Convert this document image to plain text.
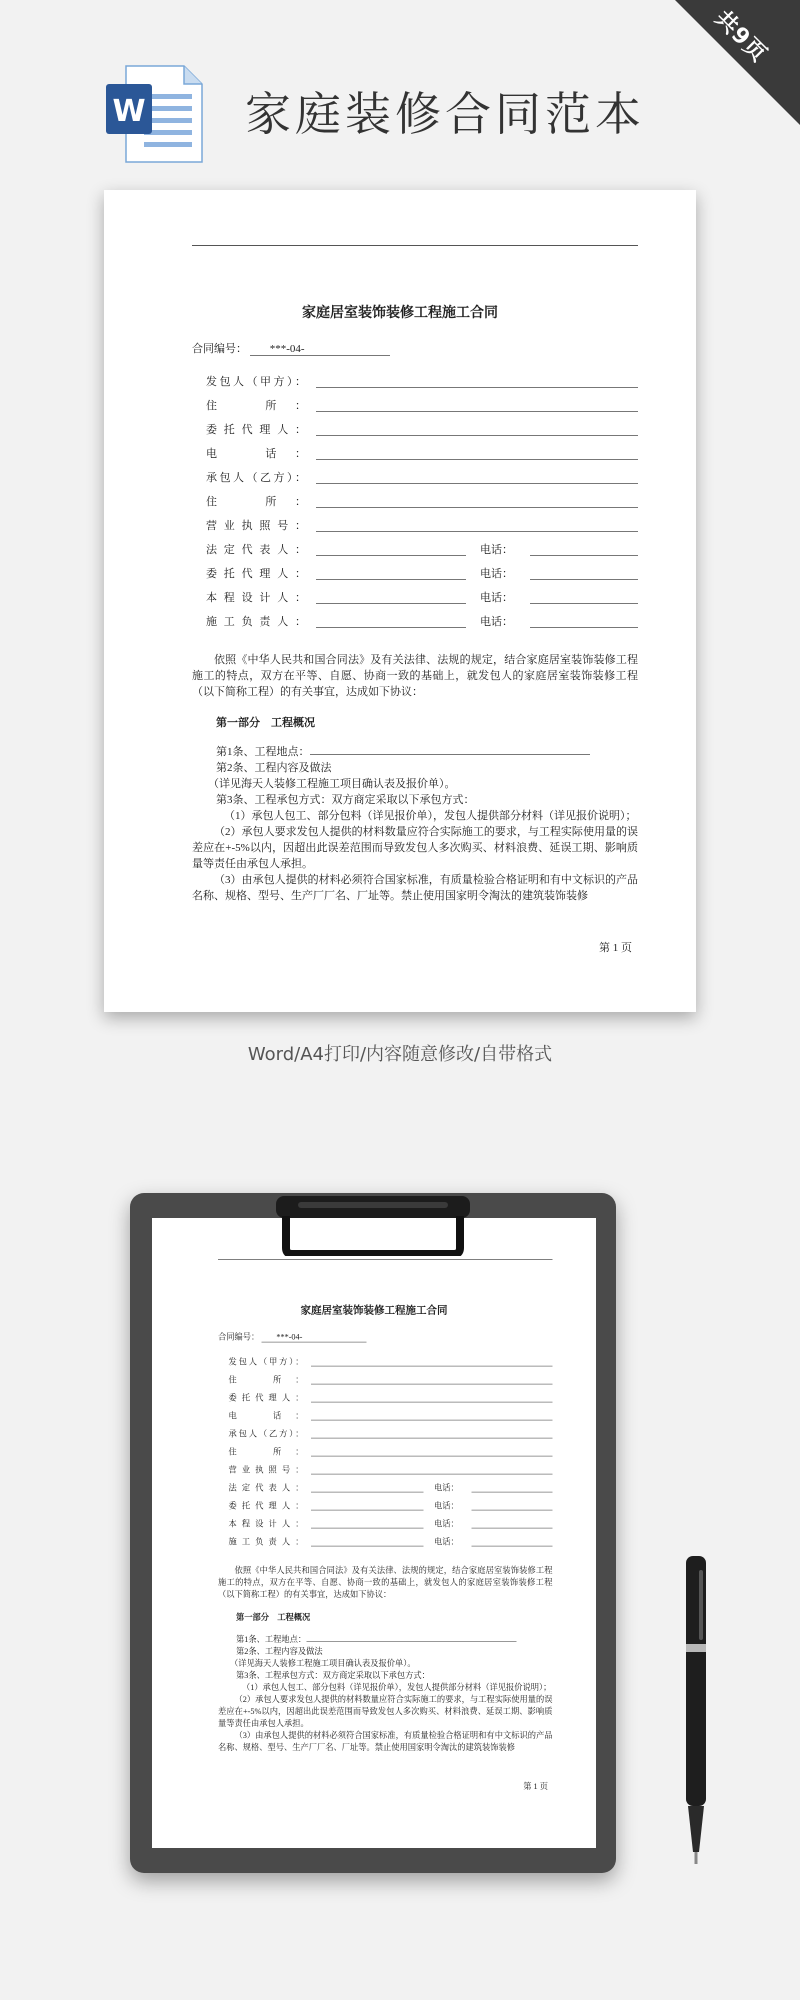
共9页
W 家庭装修合同范本
家庭居室装饰装修工程施工合同
合同编号： ***-04-
发包人（甲方）：
住　所：
委托代理人：
电　话：
承包人（乙方）：
住　所：
营业执照号：
法定代表人：	电话：
委托代理人：	电话：
本程设计人：	电话：
施工负责人：	电话：
依照《中华人民共和国合同法》及有关法律、法规的规定，结合家庭居室装饰装修工程施工的特点，双方在平等、自愿、协商一致的基础上，就发包人的家庭居室装饰装修工程（以下简称工程）的有关事宜，达成如下协议：
第一部分　工程概况
第1条、工程地点：
第2条、工程内容及做法
（详见海天人装修工程施工项目确认表及报价单）。
第3条、工程承包方式：双方商定采取以下承包方式：
（1）承包人包工、部分包料（详见报价单），发包人提供部分材料（详见报价说明）；
（2）承包人要求发包人提供的材料数量应符合实际施工的要求，与工程实际使用量的误差应在+-5%以内，因超出此误差范围而导致发包人多次购买、材料浪费、延误工期、影响质量等责任由承包人承担。
（3）由承包人提供的材料必须符合国家标准，有质量检验合格证明和有中文标识的产品名称、规格、型号、生产厂厂名、厂址等。禁止使用国家明令淘汰的建筑装饰装修
第 1 页
Word/A4打印/内容随意修改/自带格式
家庭居室装饰装修工程施工合同
合同编号： ***-04-
发包人（甲方）：
住　所：
委托代理人：
电　话：
承包人（乙方）：
住　所：
营业执照号：
法定代表人：	电话：
委托代理人：	电话：
本程设计人：	电话：
施工负责人：	电话：
依照《中华人民共和国合同法》及有关法律、法规的规定，结合家庭居室装饰装修工程施工的特点，双方在平等、自愿、协商一致的基础上，就发包人的家庭居室装饰装修工程（以下简称工程）的有关事宜，达成如下协议：
第一部分　工程概况
第1条、工程地点：
第2条、工程内容及做法
（详见海天人装修工程施工项目确认表及报价单）。
第3条、工程承包方式：双方商定采取以下承包方式：
（1）承包人包工、部分包料（详见报价单），发包人提供部分材料（详见报价说明）；
（2）承包人要求发包人提供的材料数量应符合实际施工的要求，与工程实际使用量的误差应在+-5%以内，因超出此误差范围而导致发包人多次购买、材料浪费、延误工期、影响质量等责任由承包人承担。
（3）由承包人提供的材料必须符合国家标准，有质量检验合格证明和有中文标识的产品名称、规格、型号、生产厂厂名、厂址等。禁止使用国家明令淘汰的建筑装饰装修
第 1 页
